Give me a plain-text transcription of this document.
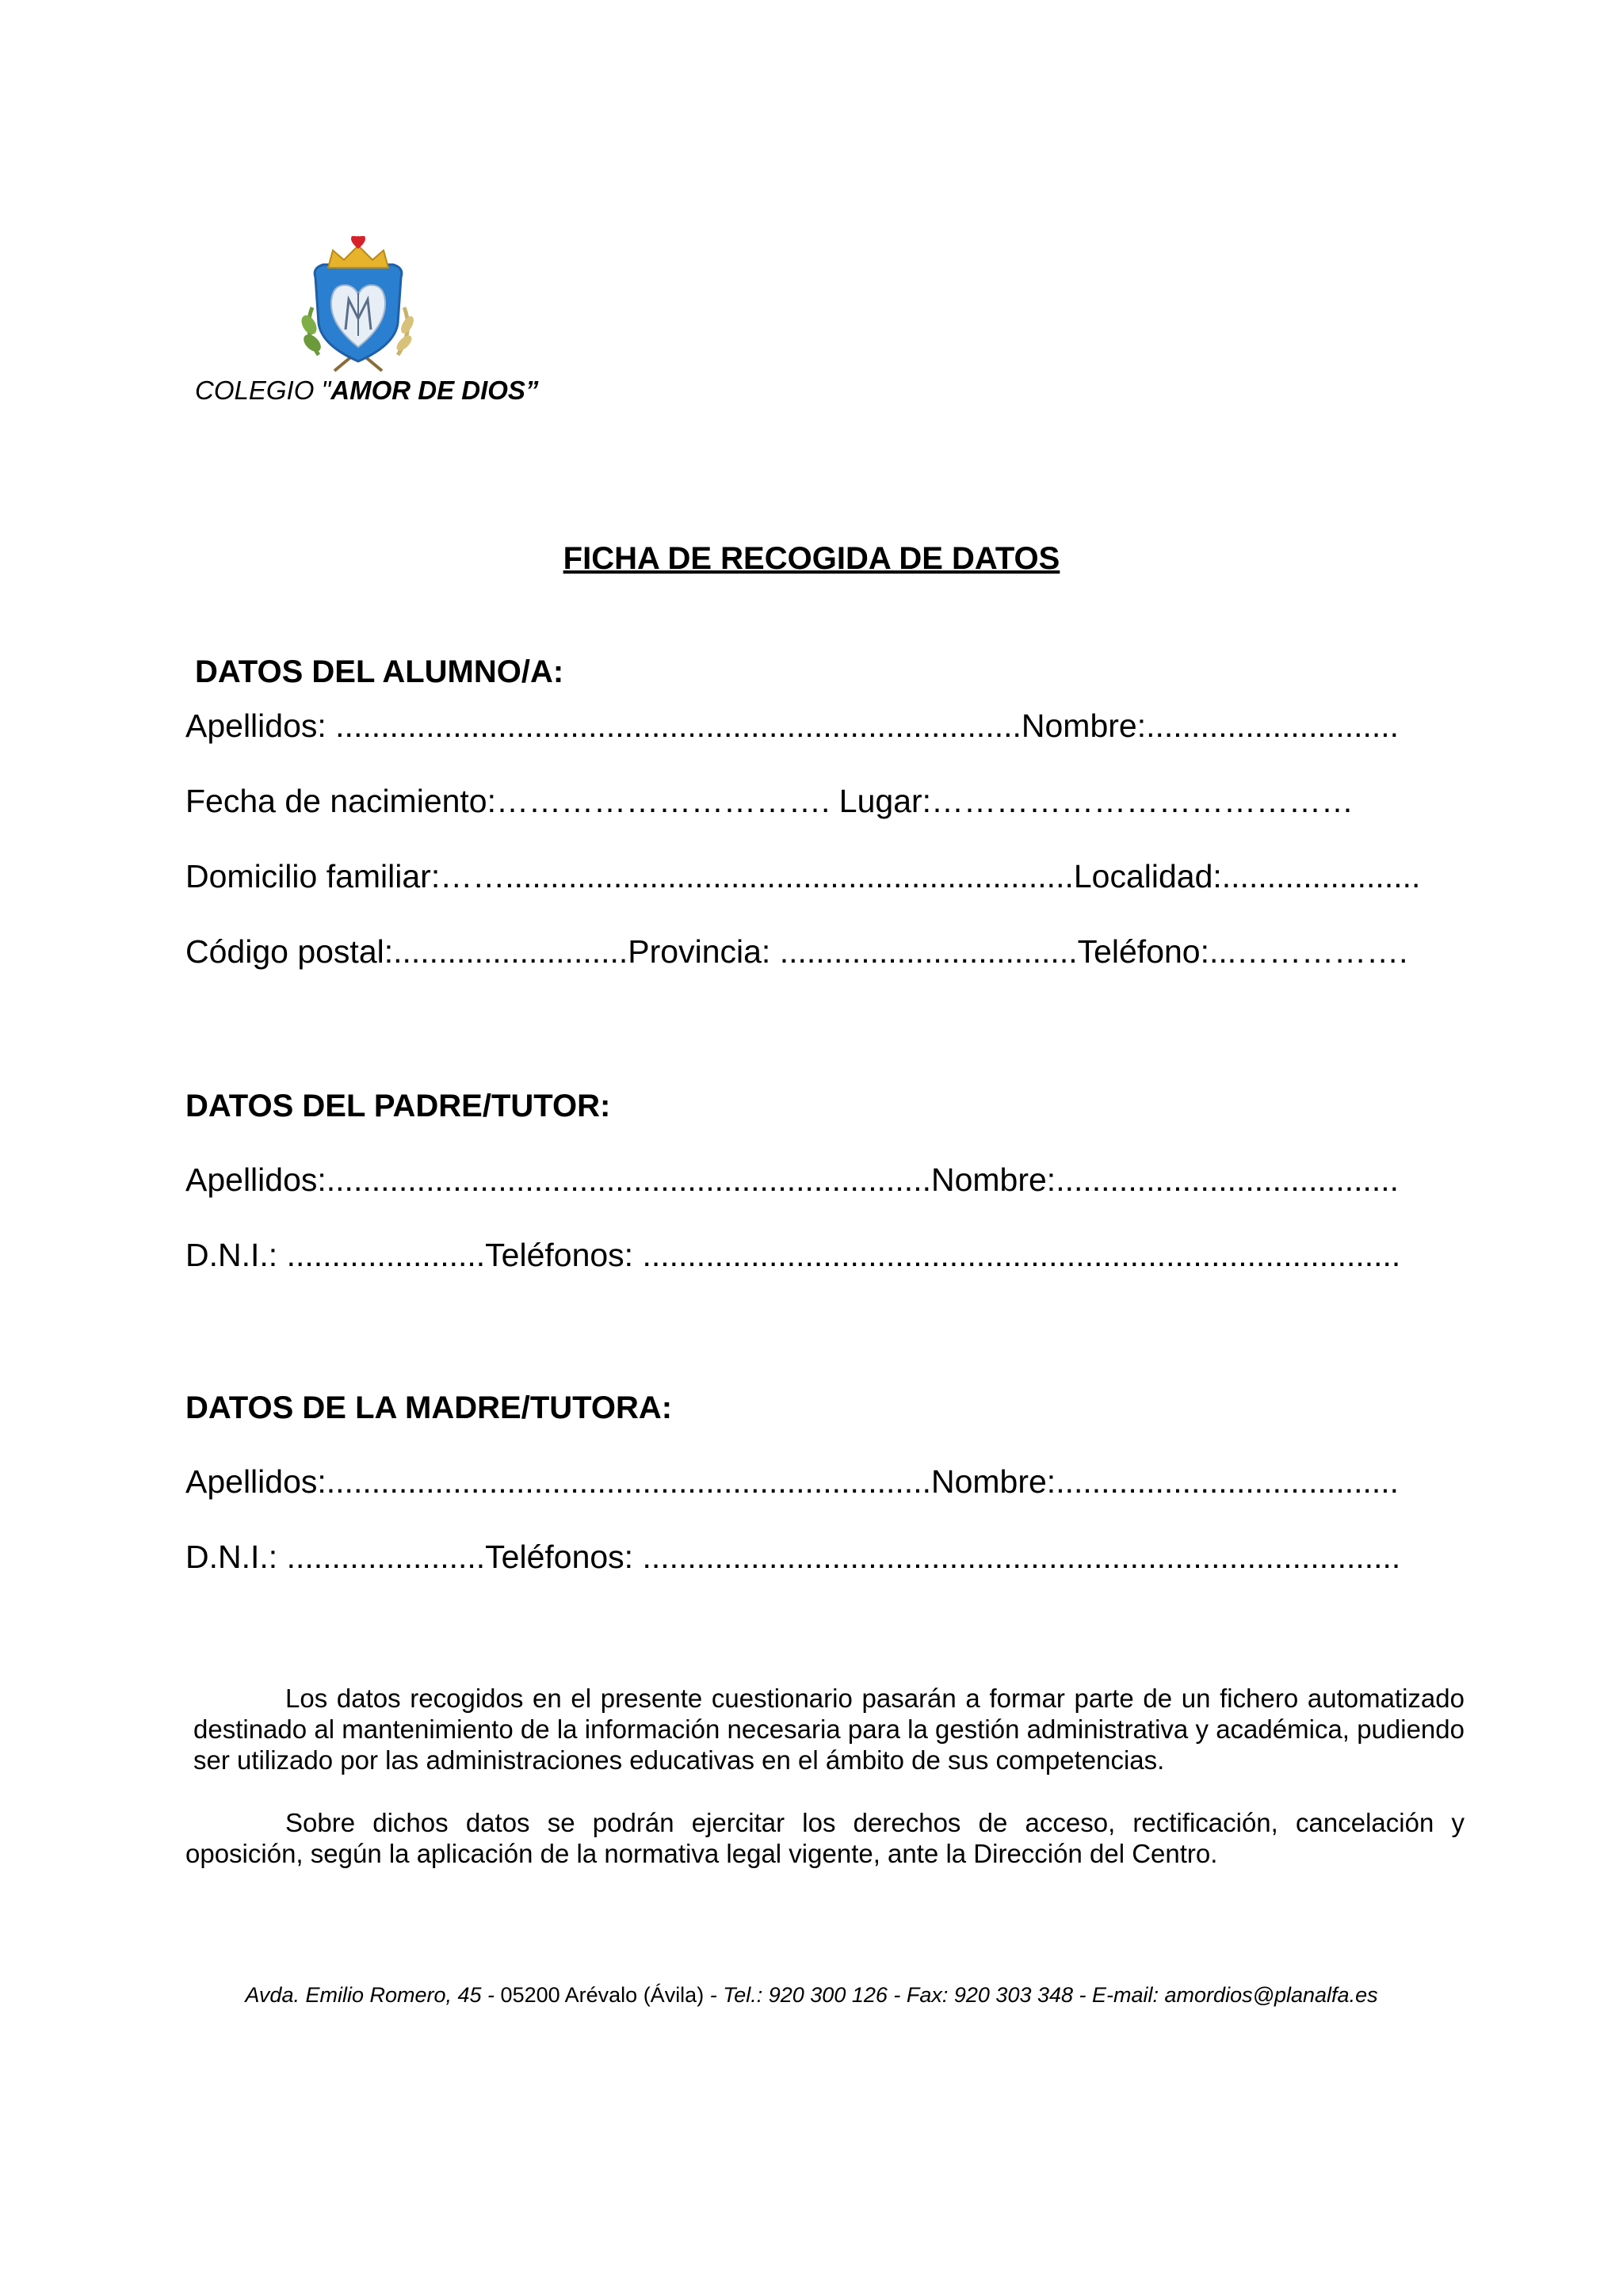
COLEGIO "AMOR DE DIOS”
FICHA DE RECOGIDA DE DATOS
DATOS DEL ALUMNO/A:
Apellidos: ............................................................................Nombre:............................
Fecha de nacimiento:…………………………. Lugar:…………………………………
Domicilio familiar:……...............................................................Localidad:......................
Código postal:..........................Provincia: .................................Teléfono:...…………….
DATOS DEL PADRE/TUTOR:
Apellidos:...................................................................Nombre:......................................
D.N.I.: ......................Teléfonos: ....................................................................................
DATOS DE LA MADRE/TUTORA:
Apellidos:...................................................................Nombre:......................................
D.N.I.: ......................Teléfonos: ....................................................................................
Los datos recogidos en el presente cuestionario pasarán a formar parte de un fichero automatizado destinado al mantenimiento de la información necesaria para la gestión administrativa y académica, pudiendo ser utilizado por las administraciones educativas en el ámbito de sus competencias.
Sobre dichos datos se podrán ejercitar los derechos de acceso, rectificación, cancelación y oposición, según la aplicación de la normativa legal vigente, ante la Dirección del Centro.
Avda. Emilio Romero, 45 - 05200 Arévalo (Ávila) - Tel.: 920 300 126 - Fax: 920 303 348 - E-mail: amordios@planalfa.es
